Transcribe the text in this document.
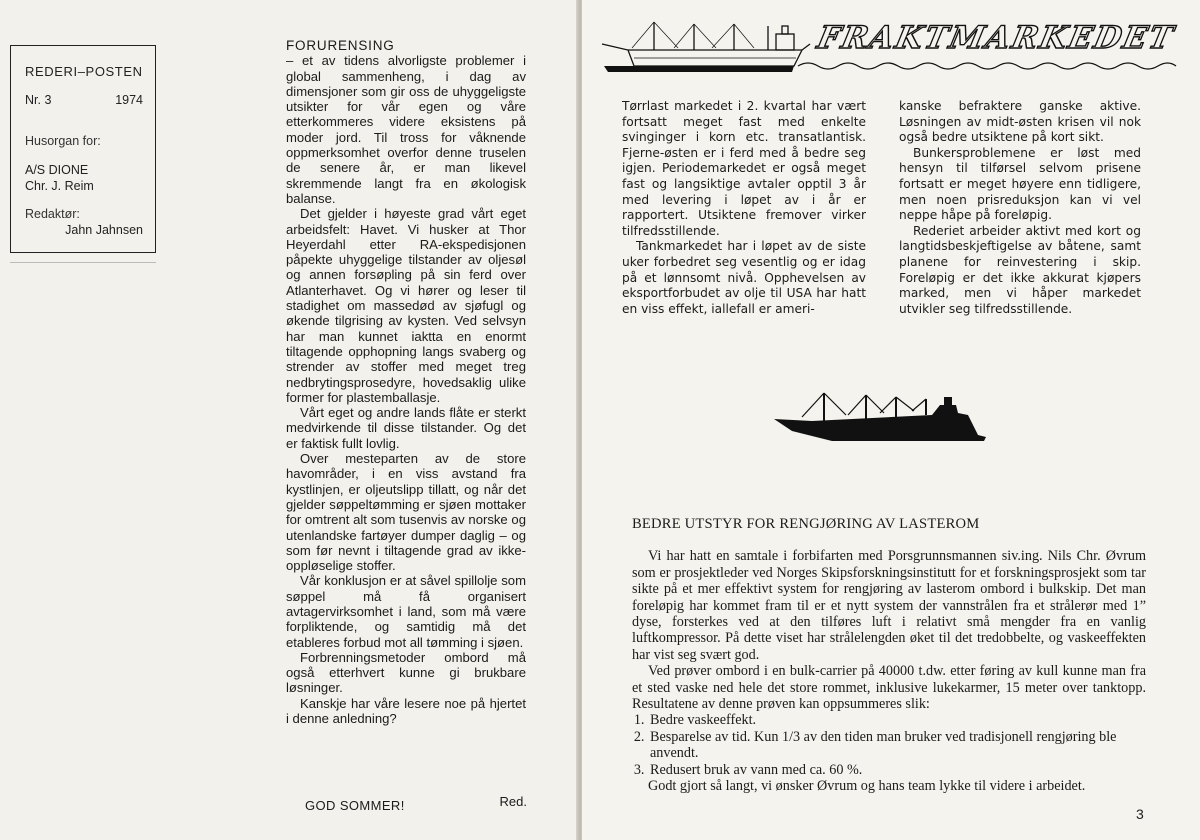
REDERI–POSTEN
Nr. 3	1974
Husorgan for:
A/S DIONE
Chr. J. Reim
Redaktør:
Jahn Jahnsen
FORURENSING

– et av tidens alvorligste problemer i global sammenheng, i dag av dimensjoner som gir oss de uhyggeligste utsikter for vår egen og våre etterkommeres videre eksistens på moder jord. Til tross for våknende oppmerksomhet overfor denne truselen de senere år, er man likevel skremmende langt fra en økologisk balanse.

Det gjelder i høyeste grad vårt eget arbeidsfelt: Havet. Vi husker at Thor Heyerdahl etter RA-ekspedisjonen påpekte uhyggelige tilstander av oljesøl og annen forsøpling på sin ferd over Atlanterhavet. Og vi hører og leser til stadighet om massedød av sjøfugl og økende tilgrising av kysten. Ved selvsyn har man kunnet iaktta en enormt tiltagende opphopning langs svaberg og strender av stoffer med meget treg nedbrytingsprosedyre, hovedsaklig ulike former for plastemballasje.

Vårt eget og andre lands flåte er sterkt medvirkende til disse tilstander. Og det er faktisk fullt lovlig.

Over mesteparten av de store havområder, i en viss avstand fra kystlinjen, er oljeutslipp tillatt, og når det gjelder søppeltømming er sjøen mottaker for omtrent alt som tusenvis av norske og utenlandske fartøyer dumper daglig – og som før nevnt i tiltagende grad av ikke-oppløselige stoffer.

Vår konklusjon er at såvel spillolje som søppel må få organisert avtagervirksomhet i land, som må være forpliktende, og samtidig må det etableres forbud mot all tømming i sjøen.

Forbrenningsmetoder ombord må også etterhvert kunne gi brukbare løsninger.

Kanskje har våre lesere noe på hjertet i denne anledning?

GOD SOMMER!	Red.
FRAKTMARKEDET

Tørrlast markedet i 2. kvartal har vært fortsatt meget fast med enkelte svinginger i korn etc. transatlantisk. Fjerne-østen er i ferd med å bedre seg igjen. Periodemarkedet er også meget fast og langsiktige avtaler opptil 3 år med levering i løpet av i år er rapportert. Utsiktene fremover virker tilfredsstillende.

Tankmarkedet har i løpet av de siste uker forbedret seg vesentlig og er idag på et lønnsomt nivå. Opphevelsen av eksportforbudet av olje til USA har hatt en viss effekt, iallefall er ameri-

kanske befraktere ganske aktive. Løsningen av midt-østen krisen vil nok også bedre utsiktene på kort sikt.

Bunkersproblemene er løst med hensyn til tilførsel selvom prisene fortsatt er meget høyere enn tidligere, men noen prisreduksjon kan vi vel neppe håpe på foreløpig.

Rederiet arbeider aktivt med kort og langtidsbeskjeftigelse av båtene, samt planene for reinvestering i skip. Foreløpig er det ikke akkurat kjøpers marked, men vi håper markedet utvikler seg tilfredsstillende.

BEDRE UTSTYR FOR RENGJØRING AV LASTEROM

Vi har hatt en samtale i forbifarten med Porsgrunnsmannen siv.ing. Nils Chr. Øvrum som er prosjektleder ved Norges Skipsforskningsinstitutt for et forskningsprosjekt som tar sikte på et mer effektivt system for rengjøring av lasterom ombord i bulkskip. Det man foreløpig har kommet fram til er et nytt system der vannstrålen fra et strålerør med 1” dyse, forsterkes ved at den tilføres luft i relativt små mengder fra en vanlig luftkompressor. På dette viset har strålelengden øket til det tredobbelte, og vaskeeffekten har vist seg svært god.

Ved prøver ombord i en bulk-carrier på 40000 t.dw. etter føring av kull kunne man fra et sted vaske ned hele det store rommet, inklusive lukekarmer, 15 meter over tanktopp. Resultatene av denne prøven kan oppsummeres slik:

1. Bedre vaskeeffekt.
2. Besparelse av tid. Kun 1/3 av den tiden man bruker ved tradisjonell rengjøring ble anvendt.
3. Redusert bruk av vann med ca. 60 %.

Godt gjort så langt, vi ønsker Øvrum og hans team lykke til videre i arbeidet.

3
